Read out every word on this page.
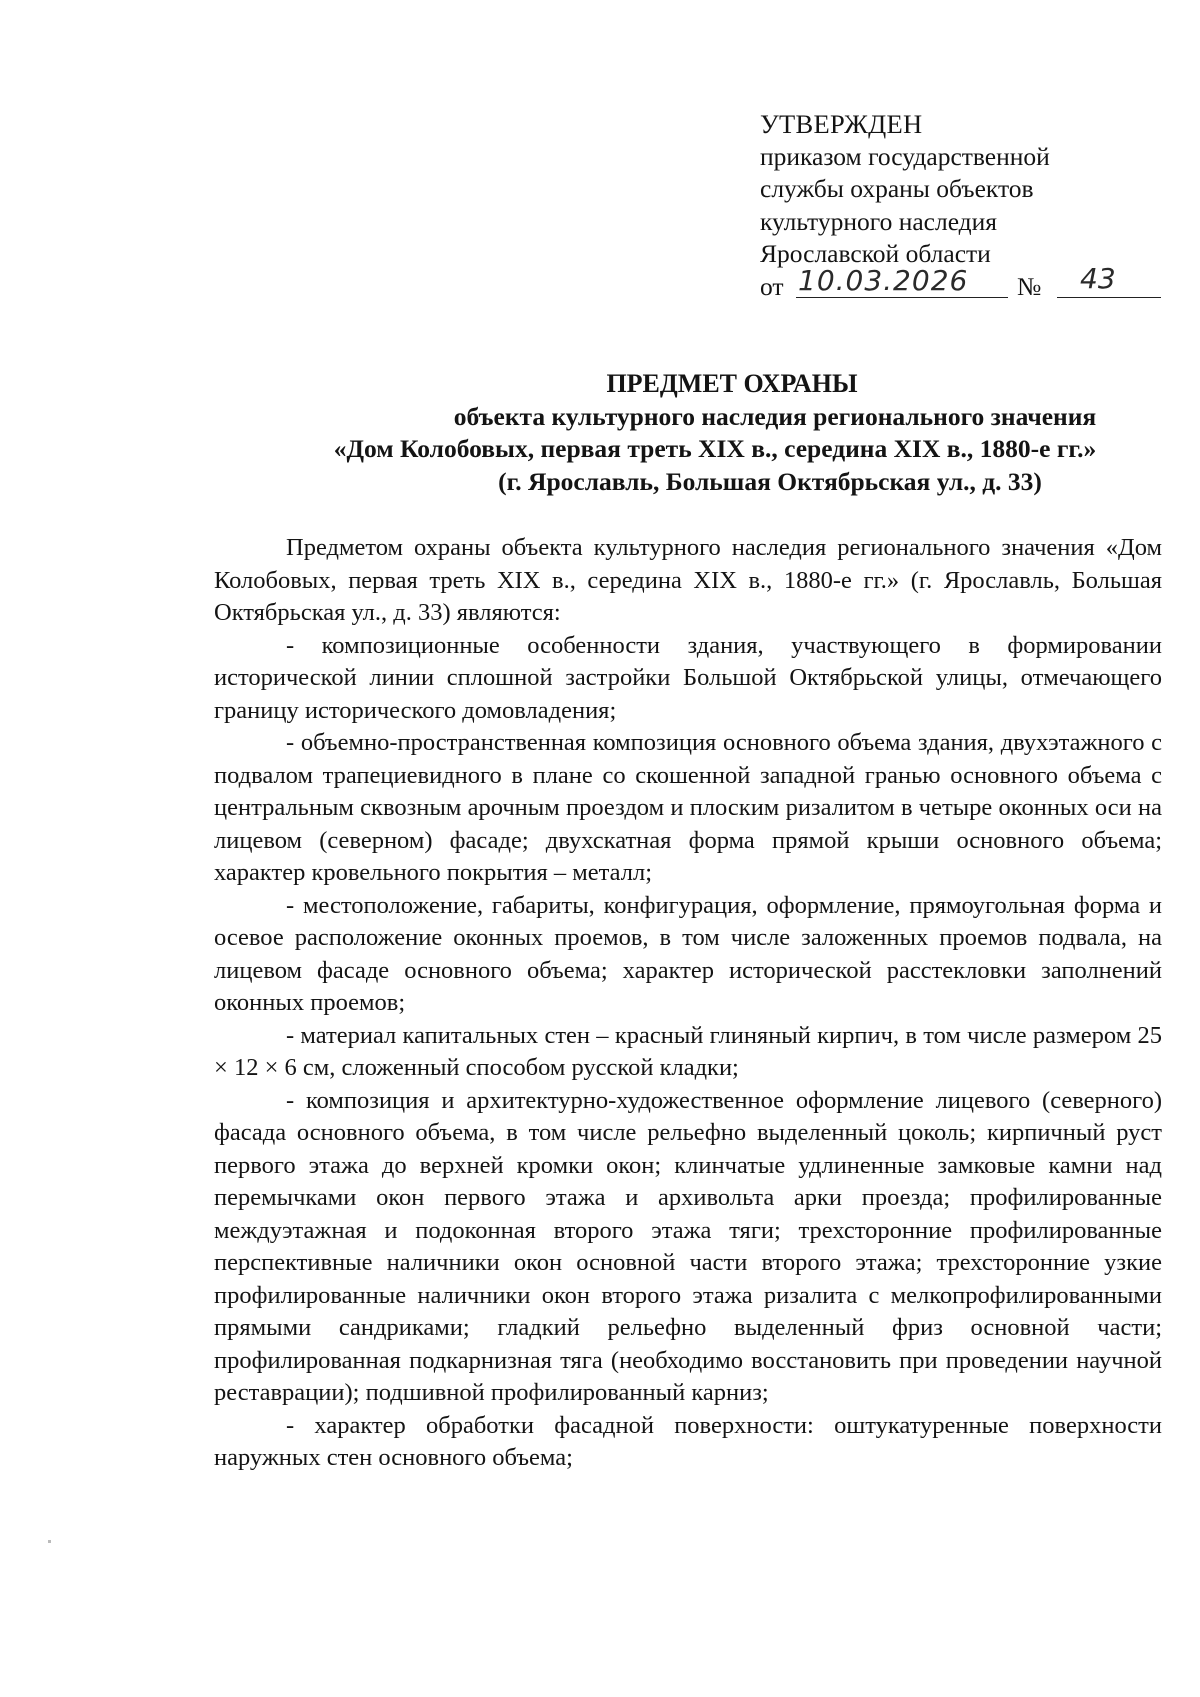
УТВЕРЖДЕН
приказом государственной
службы охраны объектов
культурного наследия
Ярославской области
от 10.03.2026 № 43
ПРЕДМЕТ ОХРАНЫ
объекта культурного наследия регионального значения
«Дом Колобовых, первая треть XIX в., середина XIX в., 1880-е гг.»
(г. Ярославль, Большая Октябрьская ул., д. 33)

Предметом охраны объекта культурного наследия регионального значения «Дом Колобовых, первая треть XIX в., середина XIX в., 1880-е гг.» (г. Ярославль, Большая Октябрьская ул., д. 33) являются:

- композиционные особенности здания, участвующего в формировании исторической линии сплошной застройки Большой Октябрьской улицы, отмечающего границу исторического домовладения;

- объемно-пространственная композиция основного объема здания, двухэтажного с подвалом трапециевидного в плане со скошенной западной гранью основного объема с центральным сквозным арочным проездом и плоским ризалитом в четыре оконных оси на лицевом (северном) фасаде; двухскатная форма прямой крыши основного объема; характер кровельного покрытия – металл;

- местоположение, габариты, конфигурация, оформление, прямоугольная форма и осевое расположение оконных проемов, в том числе заложенных проемов подвала, на лицевом фасаде основного объема; характер исторической расстекловки заполнений оконных проемов;

- материал капитальных стен – красный глиняный кирпич, в том числе размером 25 × 12 × 6 см, сложенный способом русской кладки;

- композиция и архитектурно-художественное оформление лицевого (северного) фасада основного объема, в том числе рельефно выделенный цоколь; кирпичный руст первого этажа до верхней кромки окон; клинчатые удлиненные замковые камни над перемычками окон первого этажа и архивольта арки проезда; профилированные междуэтажная и подоконная второго этажа тяги; трехсторонние профилированные перспективные наличники окон основной части второго этажа; трехсторонние узкие профилированные наличники окон второго этажа ризалита с мелкопрофилированными прямыми сандриками; гладкий рельефно выделенный фриз основной части; профилированная подкарнизная тяга (необходимо восстановить при проведении научной реставрации); подшивной профилированный карниз;

- характер обработки фасадной поверхности: оштукатуренные поверхности наружных стен основного объема;
